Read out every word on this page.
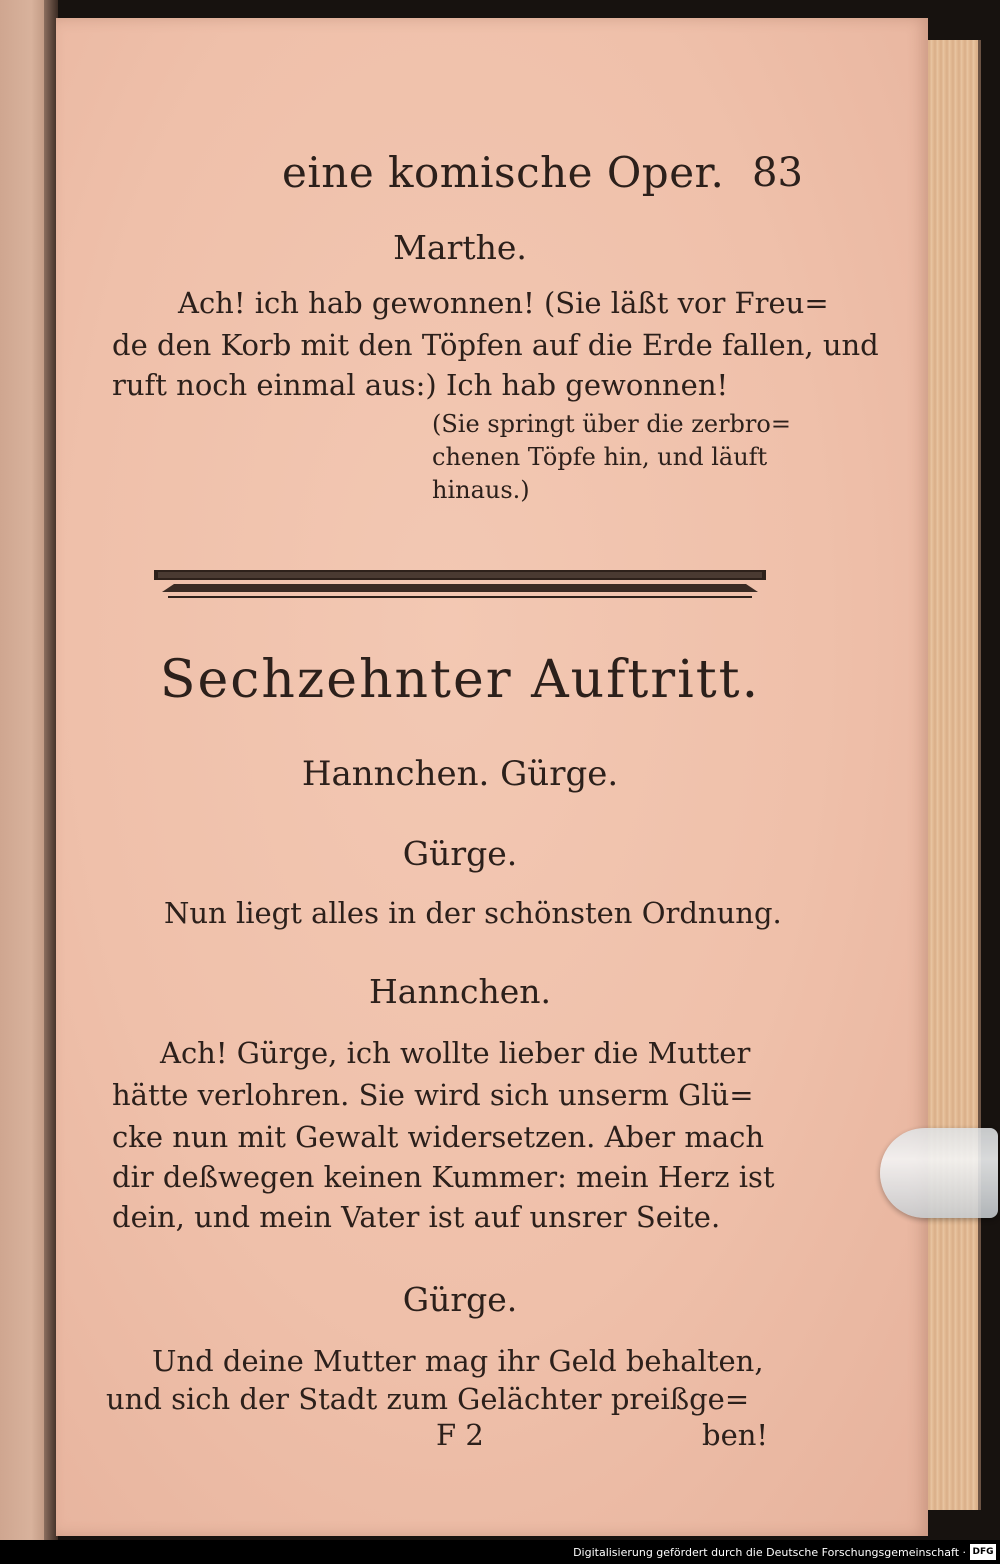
eine komische Oper. 83
Marthe.
Ach! ich hab gewonnen! (Sie läßt vor Freu=
de den Korb mit den Töpfen auf die Erde fallen, und
ruft noch einmal aus:) Ich hab gewonnen!
(Sie springt über die zerbro=
chenen Töpfe hin, und läuft
hinaus.)
Sechzehnter Auftritt.
Hannchen. Gürge.
Gürge.
Nun liegt alles in der schönsten Ordnung.
Hannchen.
Ach! Gürge, ich wollte lieber die Mutter
hätte verlohren. Sie wird sich unserm Glü=
cke nun mit Gewalt widersetzen. Aber mach
dir deßwegen keinen Kummer: mein Herz ist
dein, und mein Vater ist auf unsrer Seite.
Gürge.
Und deine Mutter mag ihr Geld behalten,
und sich der Stadt zum Gelächter preißge=
F 2	ben!
Digitalisierung gefördert durch die Deutsche Forschungsgemeinschaft · DFG
